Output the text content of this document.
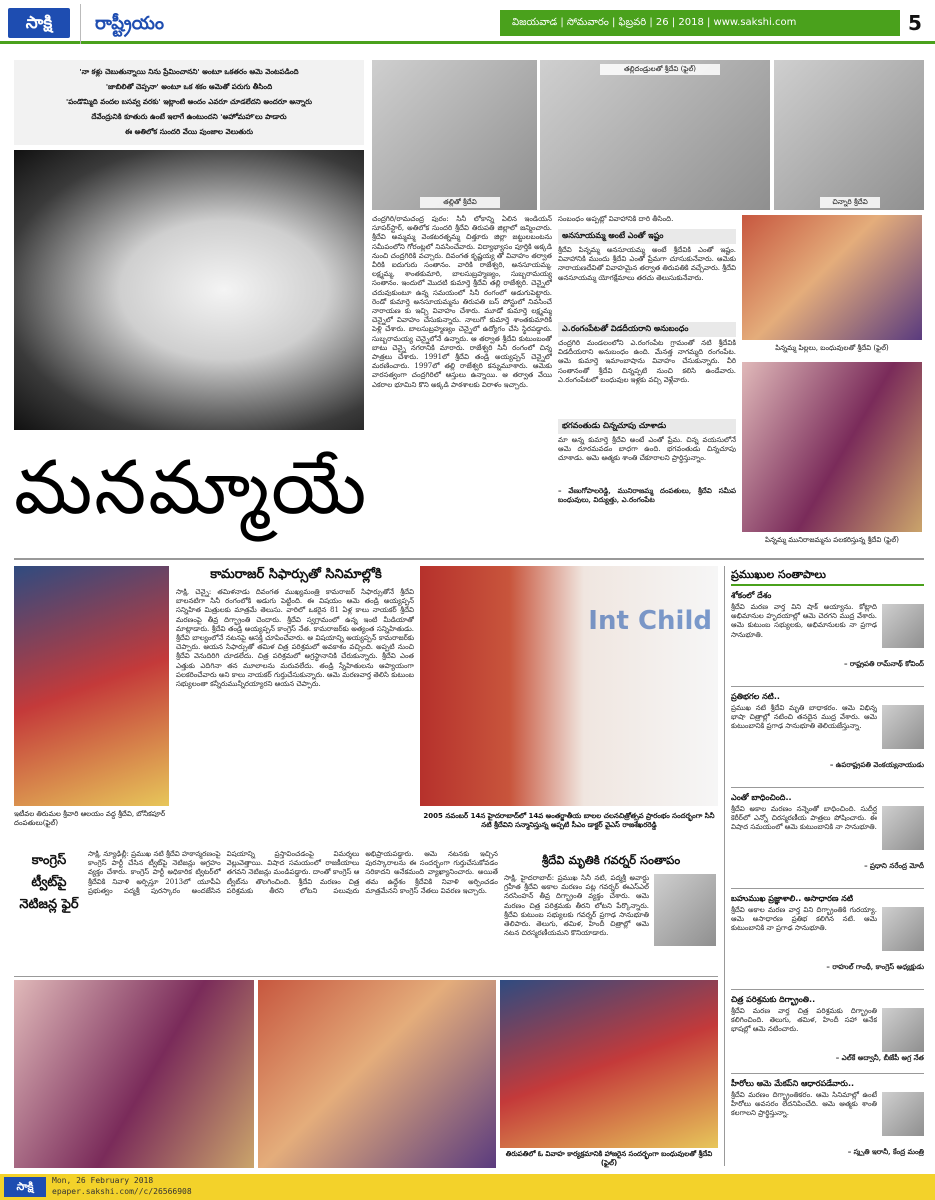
సాక్షి	రాష్ట్రీయం	విజయవాడ | సోమవారం | ఫిబ్రవరి | 26 | 2018 | www.sakshi.com	5
'నా కళ్లు చెబుతున్నాయి నిను ప్రేమించానని' అంటూ ఒకతరం ఆమె వెంటపడింది
'జాబిలితో చెప్పనా' అంటూ ఒక శకం ఆమెతో పరుగు తీసింది
'పండొమ్మిది వందల బసవ్వ వరకు' ఇట్లాంటి అందం ఎవరూ చూడలేదని అందరూ అన్నారు
దేవేంద్రునికి కూతురు ఉంటే ఇలాగే ఉంటుందని 'అహోమహా'లు పాడారు
ఈ అతిలోక సుందరి వేయి పుంజాల వెలుతురు
మనమ్మాయే
తల్లితో శ్రీదేవి
తల్లిదండ్రులతో శ్రీదేవి (ఫైల్)
చిన్నారి శ్రీదేవి
చంద్రగిరి/రామచంద్ర పురం: సినీ లోకాన్ని ఏలిన ఇండియన్ సూపర్‌స్టార్, అతిలోక సుందరి శ్రీదేవి తిరుపతి జిల్లాలో జన్మించారు. శ్రీదేవి అమ్మమ్మ వెంకటరత్నమ్మ చిత్తూరు జిల్లా జట్టులబంటను సమీపంలోని గోరంట్లలో నివసించేవారు. విద్యాభ్యాసం పూర్తికి అక్కడి నుంచి చంద్రగిరికి వచ్చారు. దివంగత కృష్ణయ్య తో వివాహం తర్వాత వీరికి ఐదుగురు సంతానం. వారికి రాజేశ్వరి, అనసూయమ్మ, లక్ష్మమ్మ, శాంతకుమారి, బాలసుబ్రహ్మణ్యం, సుబ్బరామయ్య సంతానం. ఇందులో మొదటి కుమార్తె శ్రీదేవి తల్లి రాజేశ్వరి. చెన్నైలో చదువుకుంటూ ఉన్న సమయంలో సినీ రంగంలో అడుగుపెట్టారు. రెండో కుమార్తె అనసూయమ్మను తిరుపతి బస్ పోస్టులో నివసించే నారాయణ కు ఇచ్చి వివాహం చేశారు. మూడో కుమార్తె లక్ష్మమ్మ చెన్నైలో వివాహం చేసుకున్నారు. నాలుగో కుమార్తె శాంతకుమారికి పెళ్లి చేశారు. బాలసుబ్రహ్మణ్యం చెన్నైలో ఉద్యోగం చేసి స్థిరపడ్డారు. సుబ్బరామయ్య చెన్నైలోనే ఉన్నారు. ఆ తర్వాత శ్రీదేవి కుటుంబంతో బాటు చెన్నై నగరానికి మారారు. రాజేశ్వరి సినీ రంగంలో చిన్న పాత్రలు చేశారు. 1991లో శ్రీదేవి తండ్రి అయ్యప్పన్ చెన్నైలో మరణించారు. 1997లో తల్లి రాజేశ్వరి కన్నుమూశారు. ఆమెకు వారసత్వంగా చంద్రగిరిలో ఆస్తులు ఉన్నాయి. ఆ తర్వాత వేయి ఎకరాల భూమిని కొని అక్కడి పాఠశాలకు విరాళం ఇచ్చారు.
సంబంధం అప్పట్లో వివాహానికి దారి తీసింది.
అనసూయమ్మ అంటే ఎంతో ఇష్టం
శ్రీదేవి పిన్నమ్మ అనసూయమ్మ అంటే శ్రీదేవికి ఎంతో ఇష్టం. వివాహానికి ముందు శ్రీదేవి ఎంతో ప్రేమగా చూసుకునేవారు. ఆమెకు నారాయణదేవితో వివాహమైన తర్వాత తిరుపతికి వచ్చేవారు. శ్రీదేవి అనసూయమ్మ యోగక్షేమాలు తరచు తెలుసుకునేవారు.
ఎ.రంగంపేటతో విడదీయరాని అనుబంధం
చంద్రగిరి మండలంలోని ఎ.రంగంపేట గ్రామంతో నటి శ్రీదేవికి విడదీయరాని అనుబంధం ఉంది. మేనత్త నాగమ్మది రంగంపేట. ఆమె కుమార్తె ఇమాంబాషాను వివాహం చేసుకున్నారు. వీరి సంతానంతో శ్రీదేవి చిన్నప్పటి నుంచి కలిసి ఉండేవారు. ఎ.రంగంపేటలో బంధువుల ఇళ్లకు వచ్చి వెళ్లేవారు.
భగవంతుడు చిన్నచూపు చూశాడు
మా అన్న కుమార్తె శ్రీదేవి అంటే ఎంతో ప్రేమ. చిన్న వయసులోనే ఆమె దూరమవడం బాధగా ఉంది. భగవంతుడు చిన్నచూపు చూశాడు. ఆమె ఆత్మకు శాంతి చేకూరాలని ప్రార్థిస్తున్నాం.
– వేణుగోపాలరెడ్డి, మునిరాజమ్మ దంపతులు, శ్రీదేవి సమీప బంధువులు, విద్యుత్తు, ఎ.రంగంపేట
పిన్నమ్మ పిల్లలు, బంధువులతో శ్రీదేవి (ఫైల్)
పిన్నమ్మ మునిరాజమ్మను పలకరిస్తున్న శ్రీదేవి (ఫైల్)
ఇటీవల తిరుమల శ్రీవారి ఆలయం వద్ద శ్రీదేవి, బోనీకపూర్ దంపతులు(ఫైల్)
కామరాజర్ సిఫార్సుతో సినిమాల్లోకి
సాక్షి, చెన్నై: తమిళనాడు దివంగత ముఖ్యమంత్రి కామరాజర్ సిఫార్సుతోనే శ్రీదేవి బాలనటిగా సినీ రంగంలోకి అడుగు పెట్టింది. ఈ విషయం ఆమె తండ్రి అయ్యప్పన్ సన్నిహిత మిత్రులకు మాత్రమే తెలుసు. వారిలో ఒకరైన 81 ఏళ్ల కాలు నాయకర్ శ్రీదేవి మరణంపై తీవ్ర దిగ్భ్రాంతి చెందారు. శ్రీదేవి స్వగ్రామంలో ఉన్న ఇంటి మీడియాతో మాట్లాడారు. శ్రీదేవి తండ్రి అయ్యప్పన్ కాంగ్రెస్ నేత. కామరాజర్‌కు అత్యంత సన్నిహితుడు. శ్రీదేవి బాల్యంలోనే నటనపై ఆసక్తి చూపించేవారు. ఆ విషయాన్ని అయ్యప్పన్ కామరాజర్‌కు చెప్పారు. ఆయన సిఫార్సుతో తమిళ చిత్ర పరిశ్రమలో అవకాశం వచ్చింది. అప్పటి నుంచి శ్రీదేవి వెనుదిరిగి చూడలేదు. చిత్ర పరిశ్రమలో అగ్రస్థానానికి చేరుకున్నారు. శ్రీదేవి ఎంత ఎత్తుకు ఎదిగినా తన మూలాలను మరువలేదు. తండ్రి స్నేహితులను ఆప్యాయంగా పలకరించేవారు అని కాలు నాయకర్ గుర్తుచేసుకున్నారు. ఆమె మరణవార్త తెలిసి కుటుంబ సభ్యులంతా కన్నీరుమున్నీరయ్యారని ఆయన చెప్పారు.
Int Child
2005 నవంబర్ 14న హైదరాబాద్‌లో 14వ అంతర్జాతీయ బాలల చలనచిత్రోత్సవ ప్రారంభం సందర్భంగా సినీ నటి శ్రీదేవిని సన్మానిస్తున్న అప్పటి సీఎం డాక్టర్ వైఎస్ రాజశేఖరరెడ్డి
కాంగ్రెస్ ట్వీట్‌పై నెటిజన్ల ఫైర్
సాక్షి, న్యూఢిల్లీ: ప్రముఖ నటి శ్రీదేవి హఠాన్మరణంపై కాంగ్రెస్ పార్టీ చేసిన ట్వీట్‌పై నెటిజన్లు ఆగ్రహం వ్యక్తం చేశారు. కాంగ్రెస్ పార్టీ అధికారిక ట్విటర్‌లో శ్రీదేవికి నివాళి అర్పిస్తూ 2013లో యూపీఏ ప్రభుత్వం పద్మశ్రీ పురస్కారం అందజేసిన విషయాన్ని ప్రస్తావించడంపై విమర్శలు వెల్లువెత్తాయి. విషాద సమయంలో రాజకీయాలు తగవని నెటిజన్లు మండిపడ్డారు. దాంతో కాంగ్రెస్ ఆ ట్వీట్‌ను తొలగించింది. శ్రీదేవి మరణం చిత్ర పరిశ్రమకు తీరని లోటని పలువురు అభిప్రాయపడ్డారు. ఆమె నటనకు ఇచ్చిన పురస్కారాలను ఈ సందర్భంగా గుర్తుచేసుకోవడం సరికాదని అనేకమంది వ్యాఖ్యానించారు. అయితే తమ ఉద్దేశం శ్రీదేవికి నివాళి అర్పించడం మాత్రమేనని కాంగ్రెస్ నేతలు వివరణ ఇచ్చారు.
శ్రీదేవి మృతికి గవర్నర్ సంతాపం
సాక్షి, హైదరాబాద్: ప్రముఖ సినీ నటి, పద్మశ్రీ అవార్డు గ్రహీత శ్రీదేవి అకాల మరణం పట్ల గవర్నర్ ఈఎస్ఎల్ నరసింహన్ తీవ్ర దిగ్భ్రాంతి వ్యక్తం చేశారు. ఆమె మరణం చిత్ర పరిశ్రమకు తీరని లోటని పేర్కొన్నారు. శ్రీదేవి కుటుంబ సభ్యులకు గవర్నర్ ప్రగాఢ సానుభూతి తెలిపారు. తెలుగు, తమిళ, హిందీ చిత్రాల్లో ఆమె నటన చిరస్మరణీయమని కొనియాడారు.
ప్రముఖుల సంతాపాలు
శోకంలో దేశం
శ్రీదేవి మరణ వార్త విని షాక్ అయ్యాను. కోట్లాది అభిమానుల హృదయాల్లో ఆమె చెరగని ముద్ర వేశారు. ఆమె కుటుంబ సభ్యులకు, అభిమానులకు నా ప్రగాఢ సానుభూతి.
– రాష్ట్రపతి రామ్‌నాథ్ కోవింద్
ప్రతిభగల నటి..
ప్రముఖ నటి శ్రీదేవి మృతి బాధాకరం. ఆమె విభిన్న భాషా చిత్రాల్లో నటించి తనదైన ముద్ర వేశారు. ఆమె కుటుంబానికి ప్రగాఢ సానుభూతి తెలియజేస్తున్నా.
– ఉపరాష్ట్రపతి వెంకయ్యనాయుడు
ఎంతో బాధించింది..
శ్రీదేవి అకాల మరణం నన్నెంతో బాధించింది. సుదీర్ఘ కెరీర్‌లో ఎన్నో చిరస్మరణీయ పాత్రలు పోషించారు. ఈ విషాద సమయంలో ఆమె కుటుంబానికి నా సానుభూతి.
– ప్రధాని నరేంద్ర మోదీ
బహుముఖ ప్రజ్ఞాశాలి.. అసాధారణ నటి
శ్రీదేవి అకాల మరణ వార్త విని దిగ్భ్రాంతికి గురయ్యా. ఆమె అసాధారణ ప్రతిభ కలిగిన నటి. ఆమె కుటుంబానికి నా ప్రగాఢ సానుభూతి.
– రాహుల్ గాంధీ, కాంగ్రెస్ అధ్యక్షుడు
చిత్ర పరిశ్రమకు దిగ్భ్రాంతి..
శ్రీదేవి మరణ వార్త చిత్ర పరిశ్రమకు దిగ్భ్రాంతి కలిగించింది. తెలుగు, తమిళ, హిందీ సహా అనేక భాషల్లో ఆమె నటించారు.
– ఎల్‌కే అద్వానీ, బీజేపీ అగ్ర నేత
హీరోలు ఆమె మేకప్‌ని ఆధారపడేవారు..
శ్రీదేవి మరణం దిగ్భ్రాంతికరం. ఆమె సినిమాల్లో ఉంటే హీరోలు అవసరం లేదనిపించేది. ఆమె ఆత్మకు శాంతి కలగాలని ప్రార్థిస్తున్నా.
– స్మృతి ఇరానీ, కేంద్ర మంత్రి
తిరుపతిలో ఓ వివాహ కార్యక్రమానికి హాజరైన సందర్భంగా బంధువులతో శ్రీదేవి (ఫైల్)
సాక్షి	Mon, 26 February 2018
epaper.sakshi.com//c/26566908
